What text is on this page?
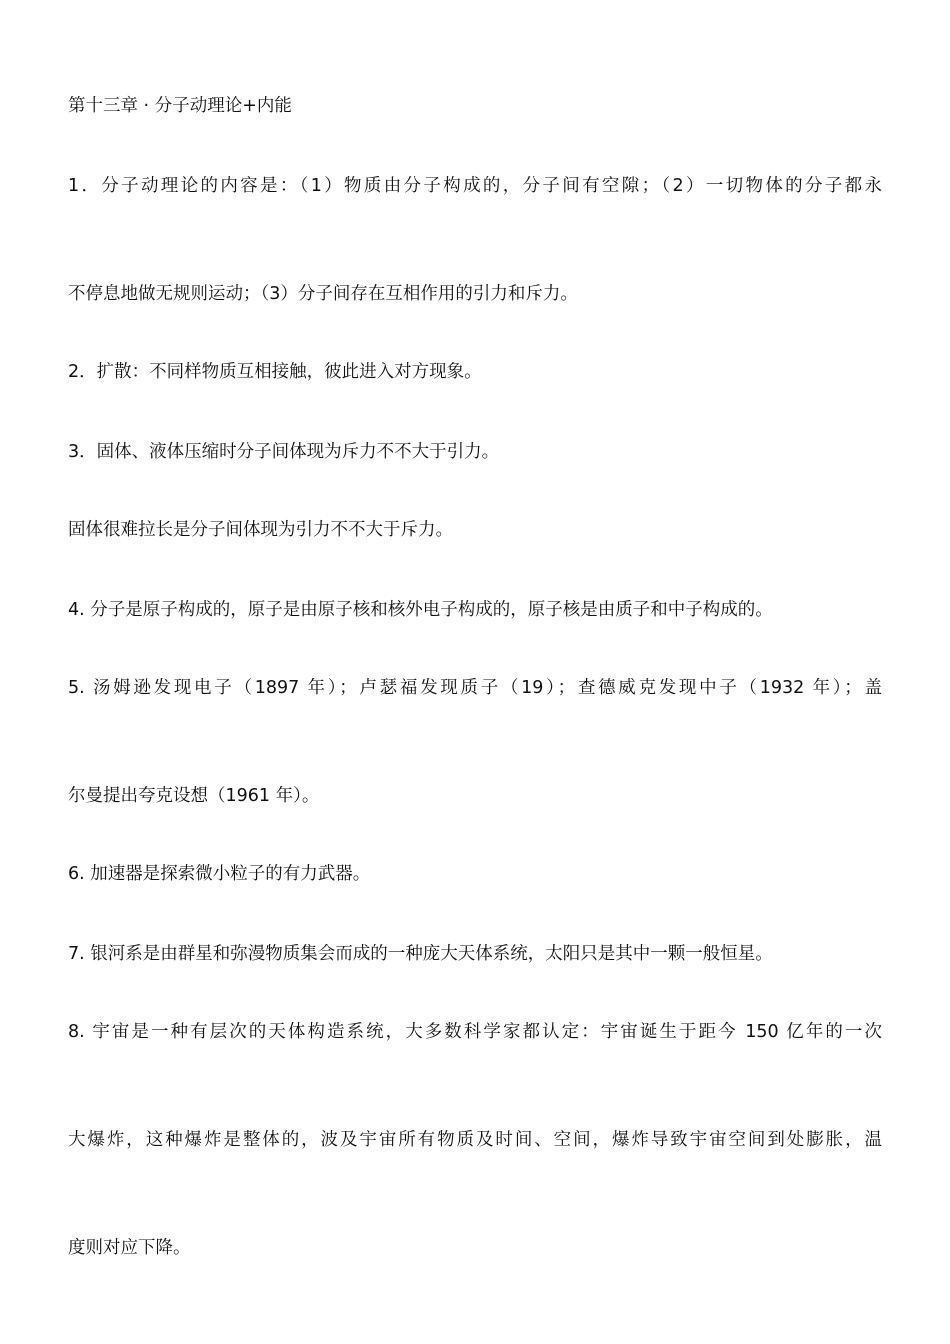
第十三章 · 分子动理论+内能
1．分子动理论的内容是：（1）物质由分子构成的，分子间有空隙；（2）一切物体的分子都永
不停息地做无规则运动；（3）分子间存在互相作用的引力和斥力。
2．扩散：不同样物质互相接触，彼此进入对方现象。
3．固体、液体压缩时分子间体现为斥力不不大于引力。
固体很难拉长是分子间体现为引力不不大于斥力。
4. 分子是原子构成的，原子是由原子核和核外电子构成的，原子核是由质子和中子构成的。
5. 汤姆逊发现电子（1897 年）；卢瑟福发现质子（19）；查德威克发现中子（1932 年）；盖
尔曼提出夸克设想（1961 年）。
6. 加速器是探索微小粒子的有力武器。
7. 银河系是由群星和弥漫物质集会而成的一种庞大天体系统，太阳只是其中一颗一般恒星。
8. 宇宙是一种有层次的天体构造系统，大多数科学家都认定：宇宙诞生于距今 150 亿年的一次
大爆炸，这种爆炸是整体的，波及宇宙所有物质及时间、空间，爆炸导致宇宙空间到处膨胀，温
度则对应下降。
